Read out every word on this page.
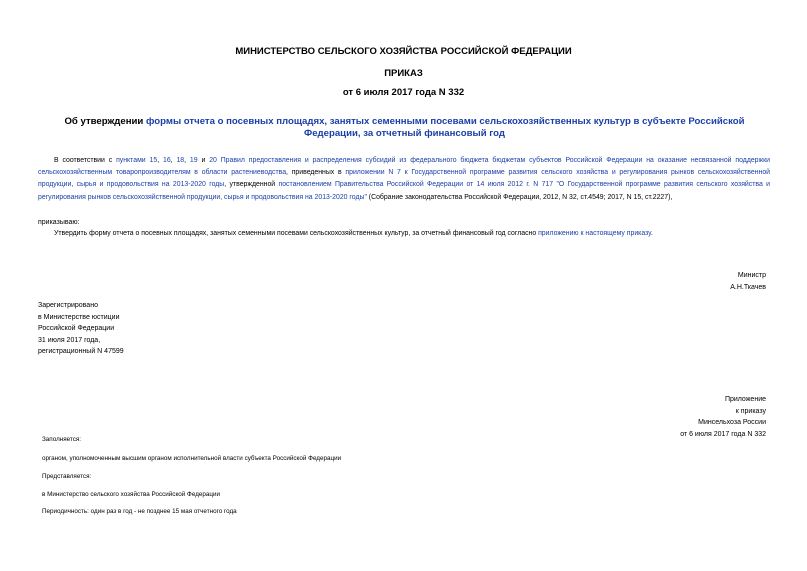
МИНИСТЕРСТВО СЕЛЬСКОГО ХОЗЯЙСТВА РОССИЙСКОЙ ФЕДЕРАЦИИ
ПРИКАЗ
от 6 июля 2017 года N 332
Об утверждении формы отчета о посевных площадях, занятых семенными посевами сельскохозяйственных культур в субъекте Российской Федерации, за отчетный финансовый год
В соответствии с пунктами 15, 16, 18, 19 и 20 Правил предоставления и распределения субсидий из федерального бюджета бюджетам субъектов Российской Федерации на оказание несвязанной поддержки сельскохозяйственным товаропроизводителям в области растениеводства, приведенных в приложении N 7 к Государственной программе развития сельского хозяйства и регулирования рынков сельскохозяйственной продукции, сырья и продовольствия на 2013-2020 годы, утвержденной постановлением Правительства Российской Федерации от 14 июля 2012 г. N 717 "О Государственной программе развития сельского хозяйства и регулирования рынков сельскохозяйственной продукции, сырья и продовольствия на 2013-2020 годы" (Собрание законодательства Российской Федерации, 2012, N 32, ст.4549; 2017, N 15, ст.2227),
приказываю:
Утвердить форму отчета о посевных площадях, занятых семенными посевами сельскохозяйственных культур, за отчетный финансовый год согласно приложению к настоящему приказу.
Министр
А.Н.Ткачев
Зарегистрировано
в Министерстве юстиции
Российской Федерации
31 июля 2017 года,
регистрационный N 47599
Приложение
к приказу
Минсельхоза России
от 6 июля 2017 года N 332
Заполняется:
органом, уполномоченным высшим органом исполнительной власти субъекта Российской Федерации
Представляется:
в Министерство сельского хозяйства Российской Федерации
Периодичность: один раз в год - не позднее 15 мая отчетного года
